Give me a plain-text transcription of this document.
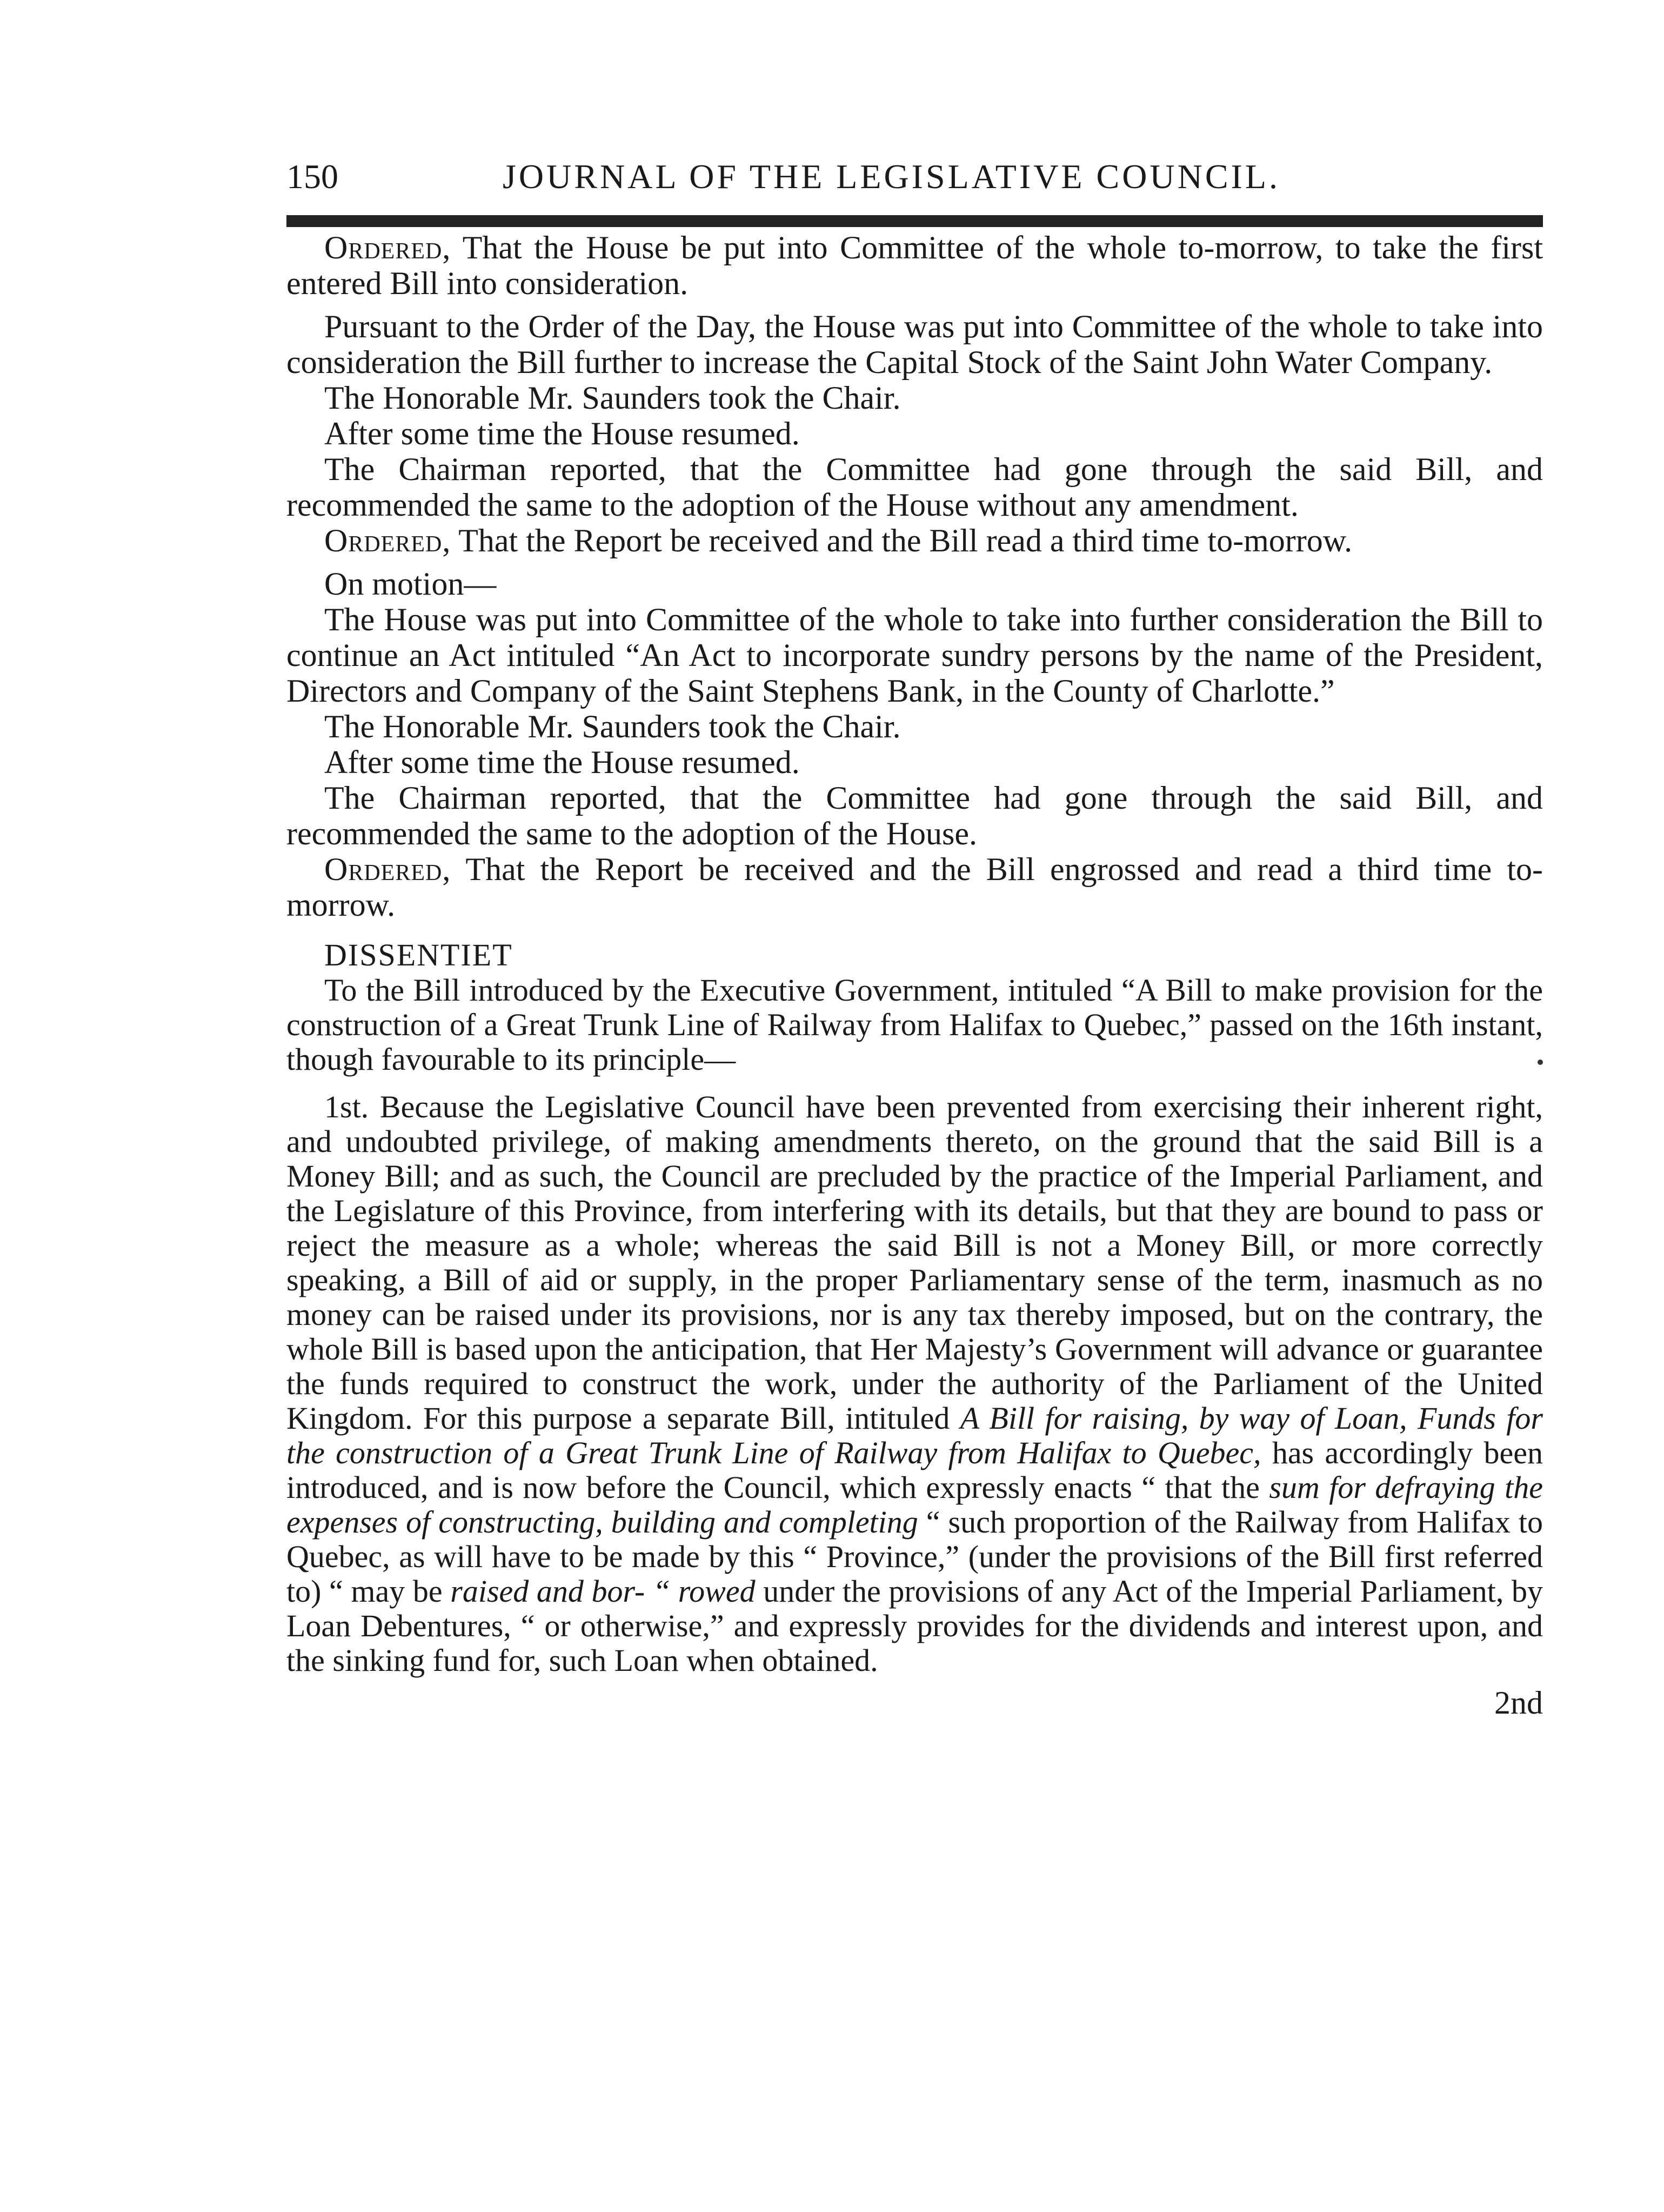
150	JOURNAL OF THE LEGISLATIVE COUNCIL.

Ordered, That the House be put into Committee of the whole to-morrow, to take the first entered Bill into consideration.

Pursuant to the Order of the Day, the House was put into Committee of the whole to take into consideration the Bill further to increase the Capital Stock of the Saint John Water Company.

The Honorable Mr. Saunders took the Chair.

After some time the House resumed.

The Chairman reported, that the Committee had gone through the said Bill, and recommended the same to the adoption of the House without any amendment.

Ordered, That the Report be received and the Bill read a third time to-morrow.

On motion—

The House was put into Committee of the whole to take into further consideration the Bill to continue an Act intituled “An Act to incorporate sundry persons by the name of the President, Directors and Company of the Saint Stephens Bank, in the County of Charlotte.”

The Honorable Mr. Saunders took the Chair.

After some time the House resumed.

The Chairman reported, that the Committee had gone through the said Bill, and recommended the same to the adoption of the House.

Ordered, That the Report be received and the Bill engrossed and read a third time to-morrow.

DISSENTIET

To the Bill introduced by the Executive Government, intituled “A Bill to make provision for the construction of a Great Trunk Line of Railway from Halifax to Quebec,” passed on the 16th instant, though favourable to its principle—

1st. Because the Legislative Council have been prevented from exercising their inherent right, and undoubted privilege, of making amendments thereto, on the ground that the said Bill is a Money Bill; and as such, the Council are precluded by the practice of the Imperial Parliament, and the Legislature of this Province, from interfering with its details, but that they are bound to pass or reject the measure as a whole; whereas the said Bill is not a Money Bill, or more correctly speaking, a Bill of aid or supply, in the proper Parliamentary sense of the term, inasmuch as no money can be raised under its provisions, nor is any tax thereby imposed, but on the contrary, the whole Bill is based upon the anticipation, that Her Majesty’s Government will advance or guarantee the funds required to construct the work, under the authority of the Parliament of the United Kingdom. For this purpose a separate Bill, intituled A Bill for raising, by way of Loan, Funds for the construction of a Great Trunk Line of Railway from Halifax to Quebec, has accordingly been introduced, and is now before the Council, which expressly enacts “ that the sum for defraying the expenses of constructing, building and completing “ such proportion of the Railway from Halifax to Quebec, as will have to be made by this “ Province,” (under the provisions of the Bill first referred to) “ may be raised and bor- “ rowed under the provisions of any Act of the Imperial Parliament, by Loan Debentures, “ or otherwise,” and expressly provides for the dividends and interest upon, and the sinking fund for, such Loan when obtained.

2nd
